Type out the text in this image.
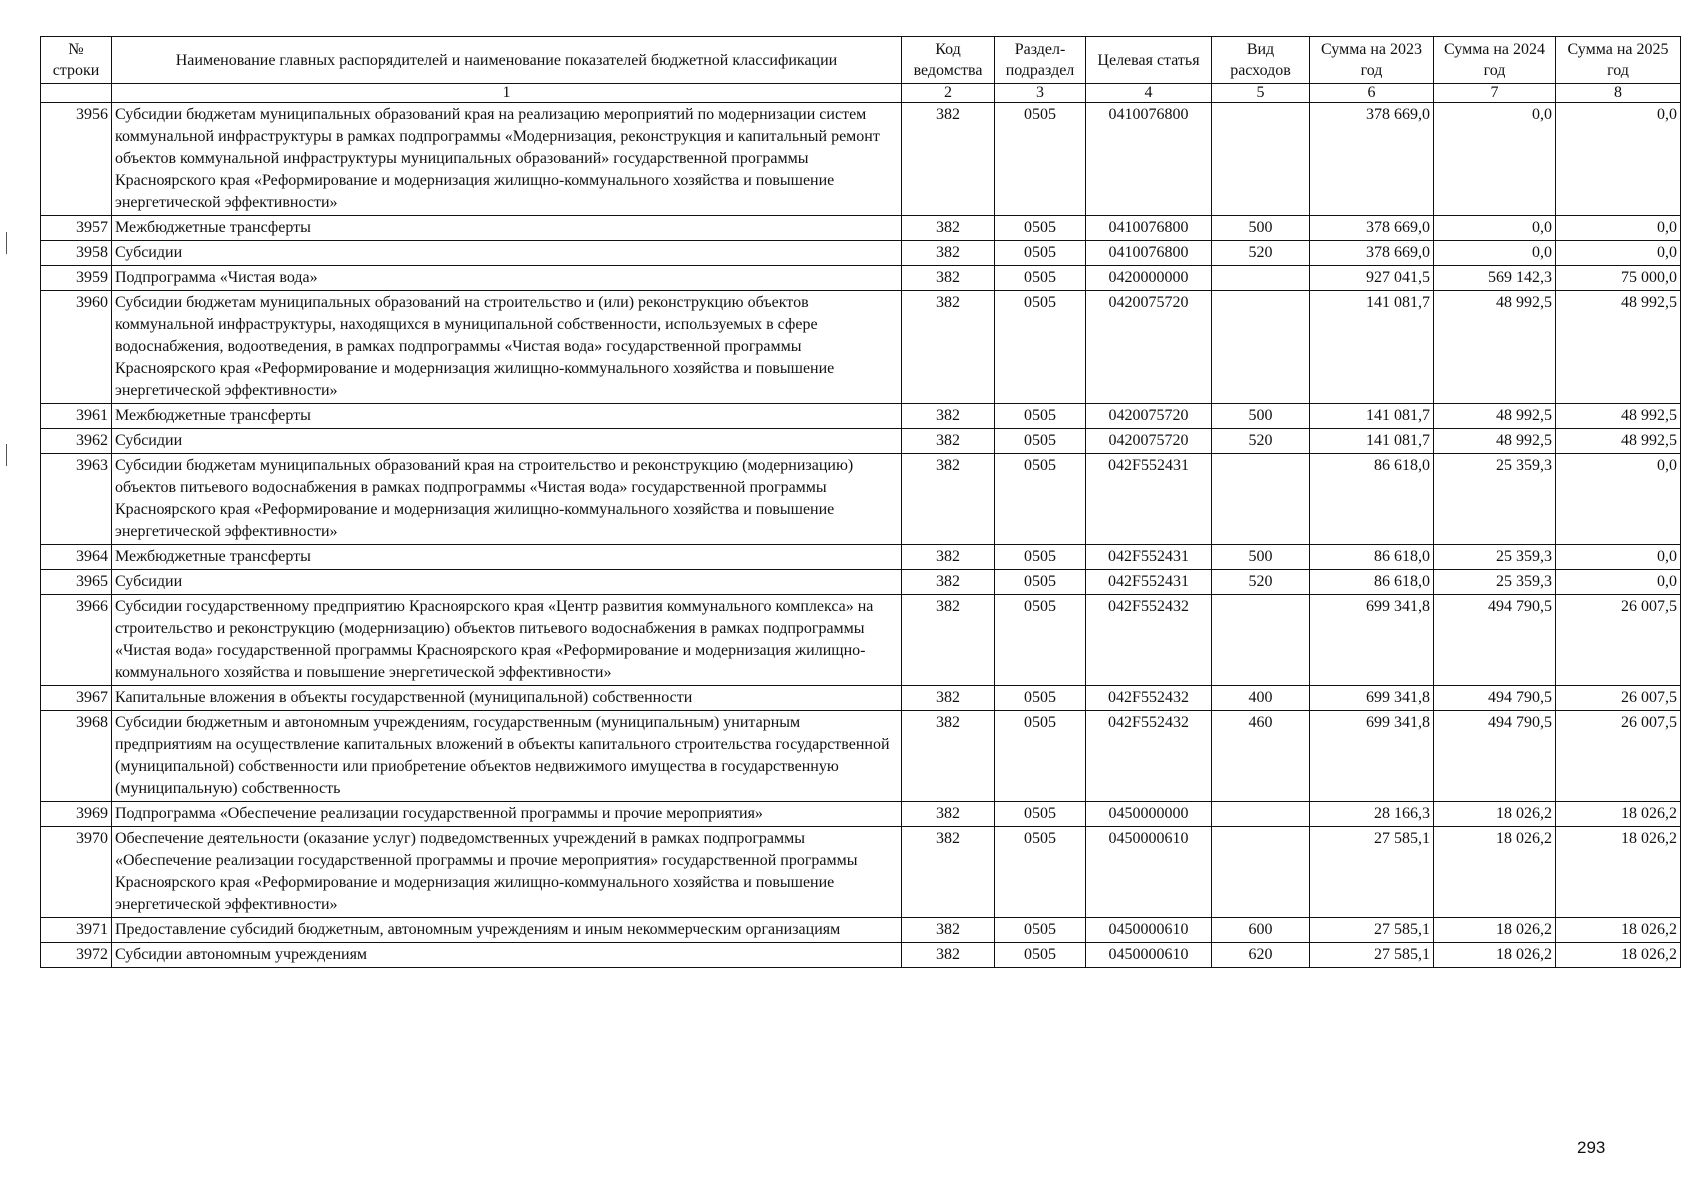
№ строки	Наименование главных распорядителей и наименование показателей бюджетной классификации	Код ведомства	Раздел-подраздел	Целевая статья	Вид расходов	Сумма на 2023 год	Сумма на 2024 год	Сумма на 2025 год
	1	2	3	4	5	6	7	8
3956	Субсидии бюджетам муниципальных образований края на реализацию мероприятий по модернизации систем коммунальной инфраструктуры в рамках подпрограммы «Модернизация, реконструкция и капитальный ремонт объектов коммунальной инфраструктуры муниципальных образований» государственной программы Красноярского края «Реформирование и модернизация жилищно-коммунального хозяйства и повышение энергетической эффективности»	382	0505	0410076800		378 669,0	0,0	0,0
3957	Межбюджетные трансферты	382	0505	0410076800	500	378 669,0	0,0	0,0
3958	Субсидии	382	0505	0410076800	520	378 669,0	0,0	0,0
3959	Подпрограмма «Чистая вода»	382	0505	0420000000		927 041,5	569 142,3	75 000,0
3960	Субсидии бюджетам муниципальных образований на строительство и (или) реконструкцию объектов коммунальной инфраструктуры, находящихся в муниципальной собственности, используемых в сфере водоснабжения, водоотведения, в рамках подпрограммы «Чистая вода» государственной программы Красноярского края «Реформирование и модернизация жилищно-коммунального хозяйства и повышение энергетической эффективности»	382	0505	0420075720		141 081,7	48 992,5	48 992,5
3961	Межбюджетные трансферты	382	0505	0420075720	500	141 081,7	48 992,5	48 992,5
3962	Субсидии	382	0505	0420075720	520	141 081,7	48 992,5	48 992,5
3963	Субсидии бюджетам муниципальных образований края на строительство и реконструкцию (модернизацию) объектов питьевого водоснабжения в рамках подпрограммы «Чистая вода» государственной программы Красноярского края «Реформирование и модернизация жилищно-коммунального хозяйства и повышение энергетической эффективности»	382	0505	042F552431		86 618,0	25 359,3	0,0
3964	Межбюджетные трансферты	382	0505	042F552431	500	86 618,0	25 359,3	0,0
3965	Субсидии	382	0505	042F552431	520	86 618,0	25 359,3	0,0
3966	Субсидии государственному предприятию Красноярского края «Центр развития коммунального комплекса» на строительство и реконструкцию (модернизацию) объектов питьевого водоснабжения в рамках подпрограммы «Чистая вода» государственной программы Красноярского края «Реформирование и модернизация жилищно-коммунального хозяйства и повышение энергетической эффективности»	382	0505	042F552432		699 341,8	494 790,5	26 007,5
3967	Капитальные вложения в объекты государственной (муниципальной) собственности	382	0505	042F552432	400	699 341,8	494 790,5	26 007,5
3968	Субсидии бюджетным и автономным учреждениям, государственным (муниципальным) унитарным предприятиям на осуществление капитальных вложений в объекты капитального строительства государственной (муниципальной) собственности или приобретение объектов недвижимого имущества в государственную (муниципальную) собственность	382	0505	042F552432	460	699 341,8	494 790,5	26 007,5
3969	Подпрограмма «Обеспечение реализации государственной программы и прочие мероприятия»	382	0505	0450000000		28 166,3	18 026,2	18 026,2
3970	Обеспечение деятельности (оказание услуг) подведомственных учреждений в рамках подпрограммы «Обеспечение реализации государственной программы и прочие мероприятия» государственной программы Красноярского края «Реформирование и модернизация жилищно-коммунального хозяйства и повышение энергетической эффективности»	382	0505	0450000610		27 585,1	18 026,2	18 026,2
3971	Предоставление субсидий бюджетным, автономным учреждениям и иным некоммерческим организациям	382	0505	0450000610	600	27 585,1	18 026,2	18 026,2
3972	Субсидии автономным учреждениям	382	0505	0450000610	620	27 585,1	18 026,2	18 026,2
293
